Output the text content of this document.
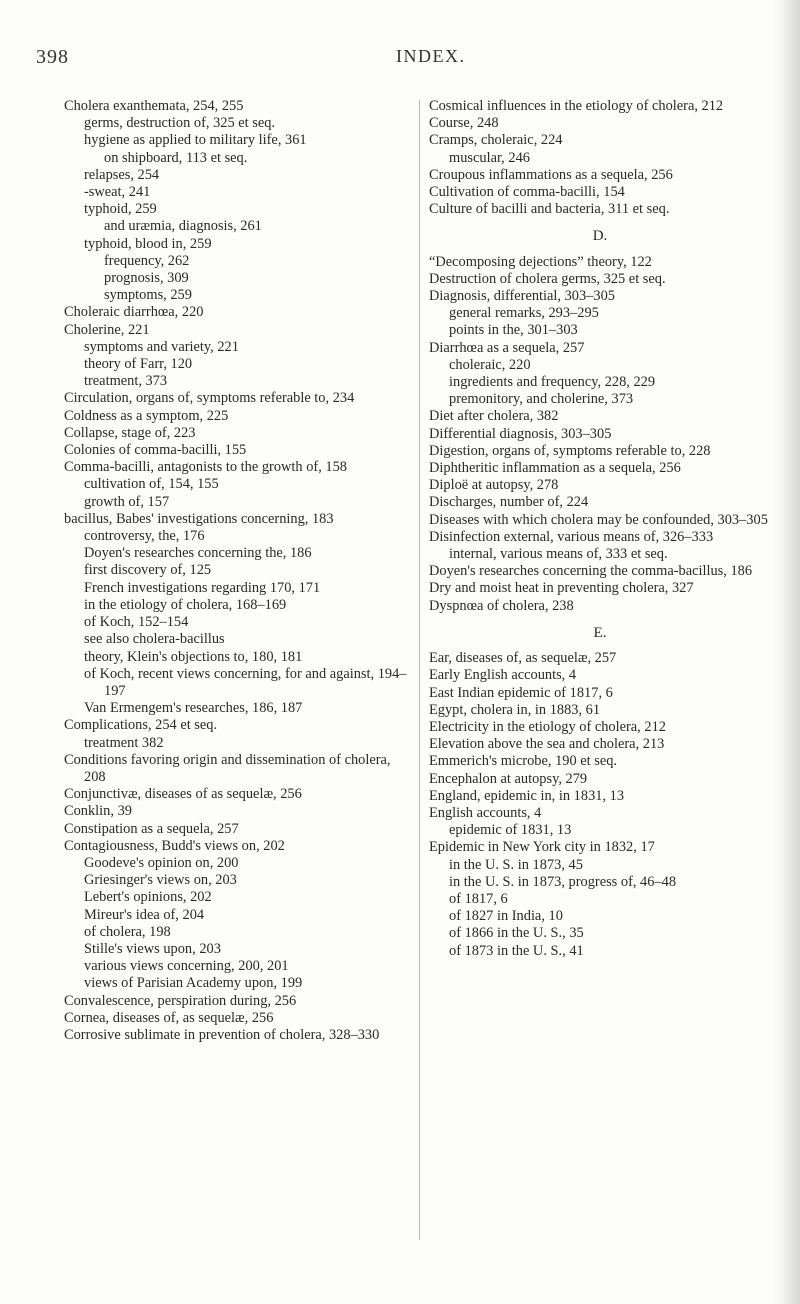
398	INDEX.

Cholera exanthemata, 254, 255

germs, destruction of, 325 et seq.

hygiene as applied to military life, 361

on shipboard, 113 et seq.

relapses, 254

-sweat, 241

typhoid, 259

and uræmia, diagnosis, 261

typhoid, blood in, 259

frequency, 262

prognosis, 309

symptoms, 259

Choleraic diarrhœa, 220

Cholerine, 221

symptoms and variety, 221

theory of Farr, 120

treatment, 373

Circulation, organs of, symptoms referable to, 234

Coldness as a symptom, 225

Collapse, stage of, 223

Colonies of comma-bacilli, 155

Comma-bacilli, antagonists to the growth of, 158

cultivation of, 154, 155

growth of, 157

bacillus, Babes' investigations concerning, 183

controversy, the, 176

Doyen's researches concerning the, 186

first discovery of, 125

French investigations regarding 170, 171

in the etiology of cholera, 168–169

of Koch, 152–154

see also cholera-bacillus

theory, Klein's objections to, 180, 181

of Koch, recent views concerning, for and against, 194–197

Van Ermengem's researches, 186, 187

Complications, 254 et seq.

treatment 382

Conditions favoring origin and dissemination of cholera, 208

Conjunctivæ, diseases of as sequelæ, 256

Conklin, 39

Constipation as a sequela, 257

Contagiousness, Budd's views on, 202

Goodeve's opinion on, 200

Griesinger's views on, 203

Lebert's opinions, 202

Mireur's idea of, 204

of cholera, 198

Stille's views upon, 203

various views concerning, 200, 201

views of Parisian Academy upon, 199

Convalescence, perspiration during, 256

Cornea, diseases of, as sequelæ, 256

Corrosive sublimate in prevention of cholera, 328–330

Cosmical influences in the etiology of cholera, 212

Course, 248

Cramps, choleraic, 224

muscular, 246

Croupous inflammations as a sequela, 256

Cultivation of comma-bacilli, 154

Culture of bacilli and bacteria, 311 et seq.

D.

“Decomposing dejections” theory, 122

Destruction of cholera germs, 325 et seq.

Diagnosis, differential, 303–305

general remarks, 293–295

points in the, 301–303

Diarrhœa as a sequela, 257

choleraic, 220

ingredients and frequency, 228, 229

premonitory, and cholerine, 373

Diet after cholera, 382

Differential diagnosis, 303–305

Digestion, organs of, symptoms referable to, 228

Diphtheritic inflammation as a sequela, 256

Diploë at autopsy, 278

Discharges, number of, 224

Diseases with which cholera may be confounded, 303–305

Disinfection external, various means of, 326–333

internal, various means of, 333 et seq.

Doyen's researches concerning the comma-bacillus, 186

Dry and moist heat in preventing cholera, 327

Dyspnœa of cholera, 238

E.

Ear, diseases of, as sequelæ, 257

Early English accounts, 4

East Indian epidemic of 1817, 6

Egypt, cholera in, in 1883, 61

Electricity in the etiology of cholera, 212

Elevation above the sea and cholera, 213

Emmerich's microbe, 190 et seq.

Encephalon at autopsy, 279

England, epidemic in, in 1831, 13

English accounts, 4

epidemic of 1831, 13

Epidemic in New York city in 1832, 17

in the U. S. in 1873, 45

in the U. S. in 1873, progress of, 46–48

of 1817, 6

of 1827 in India, 10

of 1866 in the U. S., 35

of 1873 in the U. S., 41
